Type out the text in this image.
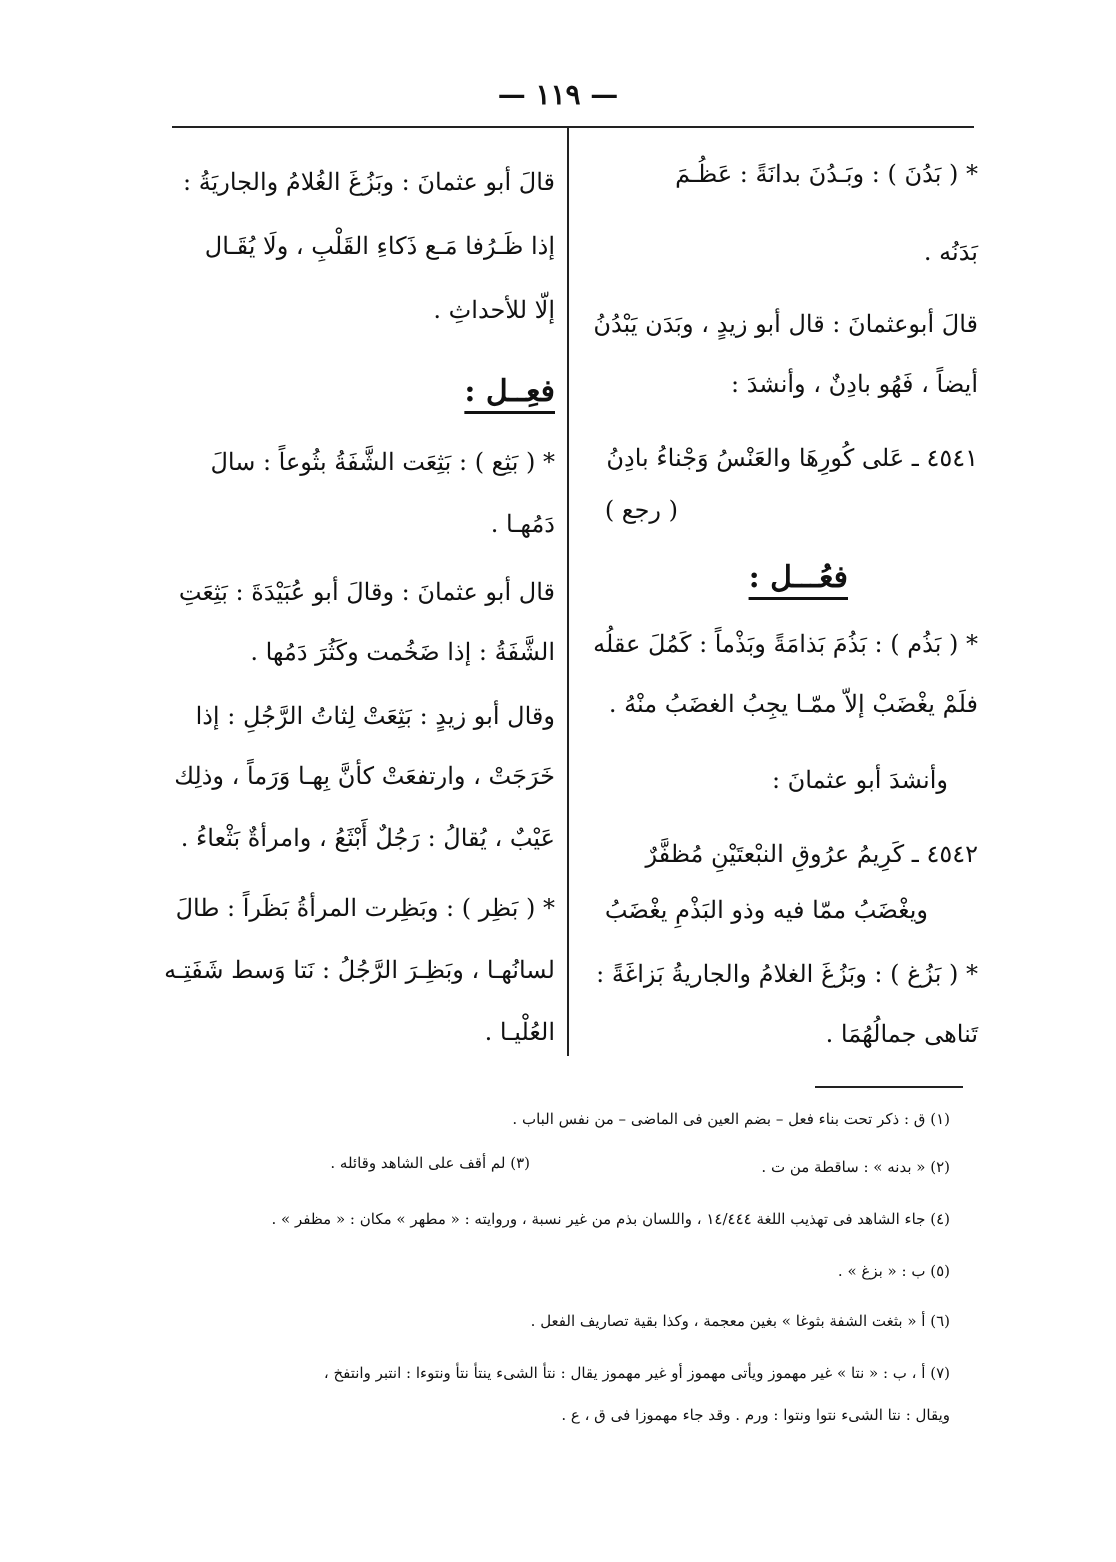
— ١١٩ —
* ( بَدُنَ ) : وبَـدُنَ بدانَةً : عَظُـمَ
بَدَنُه .
قالَ أبوعثمانَ : قال أبو زيدٍ ، وبَدَن يَبْدُنُ
أيضاً ، فَهُو بادِنٌ ، وأنشدَ :
٤٥٤١ ـ عَلى كُورِهَا والعَنْسُ وَجْناءُ بادِنُ
( رجع )
فعُـــل :
* ( بَذُم ) : بَذُمَ بَذامَةً وبَذْماً : كَمُلَ عقلُه
فلَمْ يغْضَبْ إلاّ ممّـا يجِبُ الغضَبُ منْهُ .
وأنشدَ أبو عثمانَ :
٤٥٤٢ ـ كَرِيمُ عرُوقِ النبْعتَيْنِ مُظفَّرٌ
ويغْضَبُ ممّا فيه وذو البَذْمِ يغْضَبُ
* ( بَزُغ ) : وبَزُغَ الغلامُ والجاريةُ بَزاغَةً :
تَناهى جمالُهُمَا .
قالَ أبو عثمانَ : وبَزُغَ الغُلامُ والجاريَةُ :
إذا ظَـرُفا مَـع ذَكاءِ القَلْبِ ، ولَا يُقَـال
إلّا للأحداثِ .
فعِــل :
* ( بَثِع ) : بَثِعَت الشَّفَةُ بثُوعاً : سالَ
دَمُهـا .
قال أبو عثمانَ : وقالَ أبو عُبَيْدَةَ : بَثِعَتِ
الشَّفَةُ : إذا ضَخُمت وكَثُرَ دَمُها .
وقال أبو زيدٍ : بَثِعَتْ لِثاتُ الرَّجُلِ : إذا
خَرَجَتْ ، وارتفعَتْ كأنَّ بِهـا وَرَماً ، وذلِك
عَيْبٌ ، يُقالُ : رَجُلٌ أَبْثَعُ ، وامرأةٌ بَثْعاءُ .
* ( بَظِر ) : وبَظِرت المرأةُ بَظَراً : طالَ
لسانُهـا ، وبَظِـرَ الرَّجُلُ : نَتا وَسط شَفَتِـه
العُلْيـا .
(١) ق : ذكر تحت بناء فعل – بضم العين فى الماضى – من نفس الباب .
(٢) « بدنه » : ساقطة من ت .
(٣) لم أقف على الشاهد وقائله .
(٤) جاء الشاهد فى تهذيب اللغة ١٤/٤٤٤ ، واللسان بذم من غير نسبة ، وروايته : « مطهر » مكان : « مظفر » .
(٥) ب : « بزغ » .
(٦) أ « بثغت الشفة بثوغا » بغين معجمة ، وكذا بقية تصاريف الفعل .
(٧) أ ، ب : « نتا » غير مهموز ويأتى مهموز أو غير مهموز يقال : نتأ الشىء ينتأ نتأ ونتوءا : انتبر وانتفخ ،
ويقال : نتا الشىء نتوا ونتوا : ورم . وقد جاء مهموزا فى ق ، ع .
